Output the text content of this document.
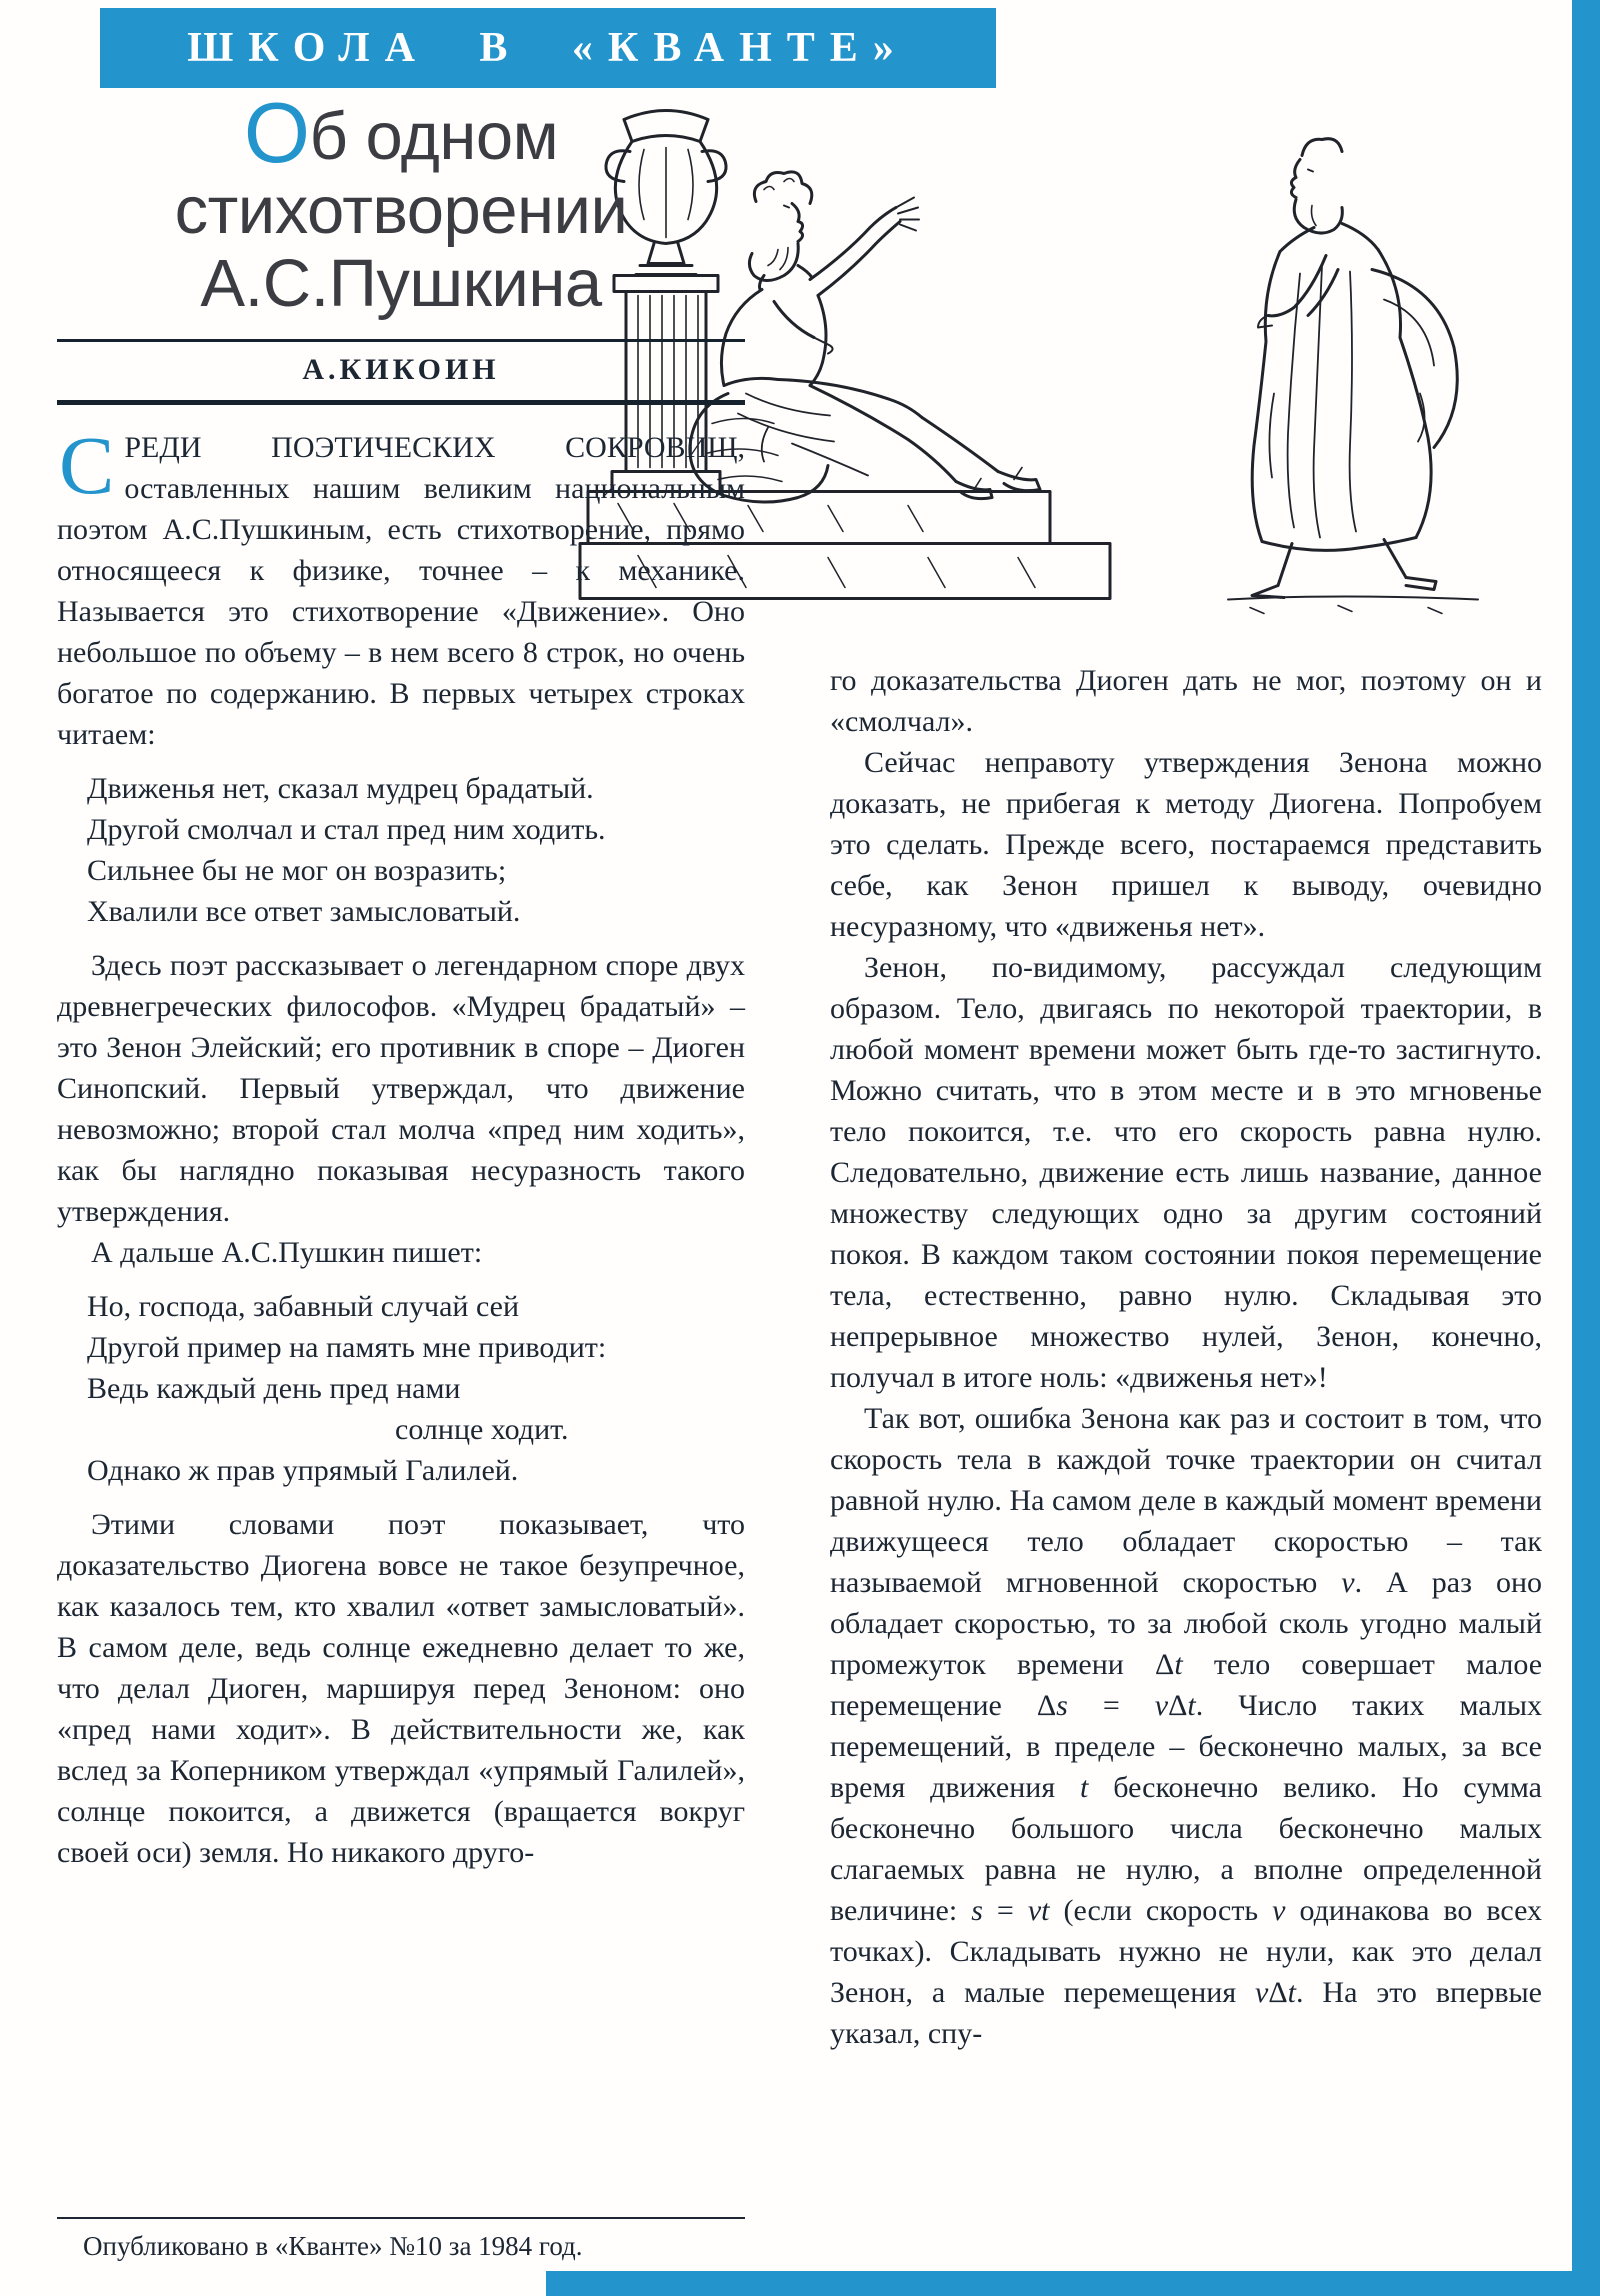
ШКОЛА В «КВАНТЕ»
Об одном
стихотворении
А.С.Пушкина
А.КИКОИН

СРЕДИ ПОЭТИЧЕСКИХ СОКРОВИЩ, оставленных нашим великим национальным поэтом А.С.Пушкиным, есть стихотворение, прямо относящееся к физике, точнее – к механике. Называется это стихотворение «Движение». Оно небольшое по объему – в нем всего 8 строк, но очень богатое по содержанию. В первых четырех строках читаем:

Движенья нет, сказал мудрец брадатый.
Другой смолчал и стал пред ним ходить.
Сильнее бы не мог он возразить;
Хвалили все ответ замысловатый.

Здесь поэт рассказывает о легендарном споре двух древнегреческих философов. «Мудрец брадатый» – это Зенон Элейский; его противник в споре – Диоген Синопский. Первый утверждал, что движение невозможно; второй стал молча «пред ним ходить», как бы наглядно показывая несуразность такого утверждения.

А дальше А.С.Пушкин пишет:

Но, господа, забавный случай сей
Другой пример на память мне приводит:
Ведь каждый день пред нами
солнце ходит.
Однако ж прав упрямый Галилей.

Этими словами поэт показывает, что доказательство Диогена вовсе не такое безупречное, как казалось тем, кто хвалил «ответ замысловатый». В самом деле, ведь солнце ежедневно делает то же, что делал Диоген, маршируя перед Зеноном: оно «пред нами ходит». В действительности же, как вслед за Коперником утверждал «упрямый Галилей», солнце покоится, а движется (вращается вокруг своей оси) земля. Но никакого друго-

Опубликовано в «Кванте» №10 за 1984 год.

го доказательства Диоген дать не мог, поэтому он и «смолчал».

Сейчас неправоту утверждения Зенона можно доказать, не прибегая к методу Диогена. Попробуем это сделать. Прежде всего, постараемся представить себе, как Зенон пришел к выводу, очевидно несуразному, что «движенья нет».

Зенон, по-видимому, рассуждал следующим образом. Тело, двигаясь по некоторой траектории, в любой момент времени может быть где-то застигнуто. Можно считать, что в этом месте и в это мгновенье тело покоится, т.е. что его скорость равна нулю. Следовательно, движение есть лишь название, данное множеству следующих одно за другим состояний покоя. В каждом таком состоянии покоя перемещение тела, естественно, равно нулю. Складывая это непрерывное множество нулей, Зенон, конечно, получал в итоге ноль: «движенья нет»!

Так вот, ошибка Зенона как раз и состоит в том, что скорость тела в каждой точке траектории он считал равной нулю. На самом деле в каждый момент времени движущееся тело обладает скоростью – так называемой мгновенной скоростью v. А раз оно обладает скоростью, то за любой сколь угодно малый промежуток времени Δt тело совершает малое перемещение Δs = vΔt. Число таких малых перемещений, в пределе – бесконечно малых, за все время движения t бесконечно велико. Но сумма бесконечно большого числа бесконечно малых слагаемых равна не нулю, а вполне определенной величине: s = vt (если скорость v одинакова во всех точках). Складывать нужно не нули, как это делал Зенон, а малые перемещения vΔt. На это впервые указал, спу-
